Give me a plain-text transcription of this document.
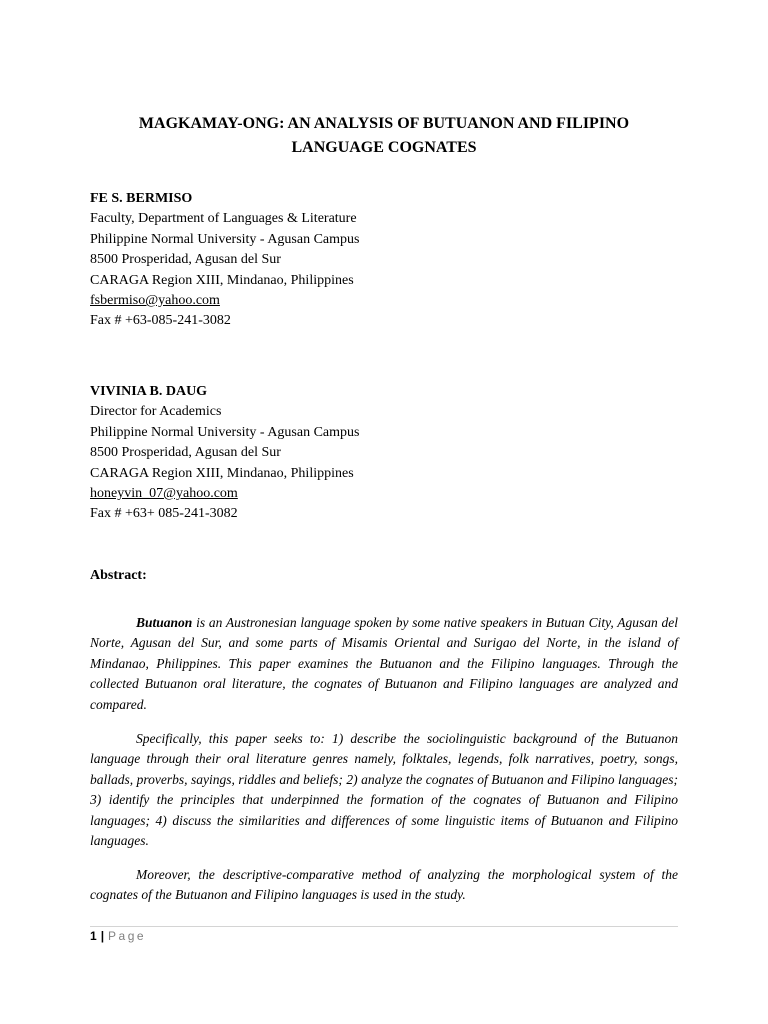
MAGKAMAY-ONG: AN ANALYSIS OF BUTUANON AND FILIPINO
LANGUAGE COGNATES
FE S. BERMISO
Faculty, Department of Languages & Literature
Philippine Normal University - Agusan Campus
8500 Prosperidad, Agusan del Sur
CARAGA Region XIII, Mindanao, Philippines
fsbermiso@yahoo.com
Fax # +63-085-241-3082
VIVINIA B. DAUG
Director for Academics
Philippine Normal University - Agusan Campus
8500 Prosperidad, Agusan del Sur
CARAGA Region XIII, Mindanao, Philippines
honeyvin_07@yahoo.com
Fax # +63+ 085-241-3082
Abstract:

Butuanon is an Austronesian language spoken by some native speakers in Butuan City, Agusan del Norte, Agusan del Sur, and some parts of Misamis Oriental and Surigao del Norte, in the island of Mindanao, Philippines. This paper examines the Butuanon and the Filipino languages. Through the collected Butuanon oral literature, the cognates of Butuanon and Filipino languages are analyzed and compared.

Specifically, this paper seeks to: 1) describe the sociolinguistic background of the Butuanon language through their oral literature genres namely, folktales, legends, folk narratives, poetry, songs, ballads, proverbs, sayings, riddles and beliefs; 2) analyze the cognates of Butuanon and Filipino languages; 3) identify the principles that underpinned the formation of the cognates of Butuanon and Filipino languages; 4) discuss the similarities and differences of some linguistic items of Butuanon and Filipino languages.

Moreover, the descriptive-comparative method of analyzing the morphological system of the cognates of the Butuanon and Filipino languages is used in the study.

1 | Page
